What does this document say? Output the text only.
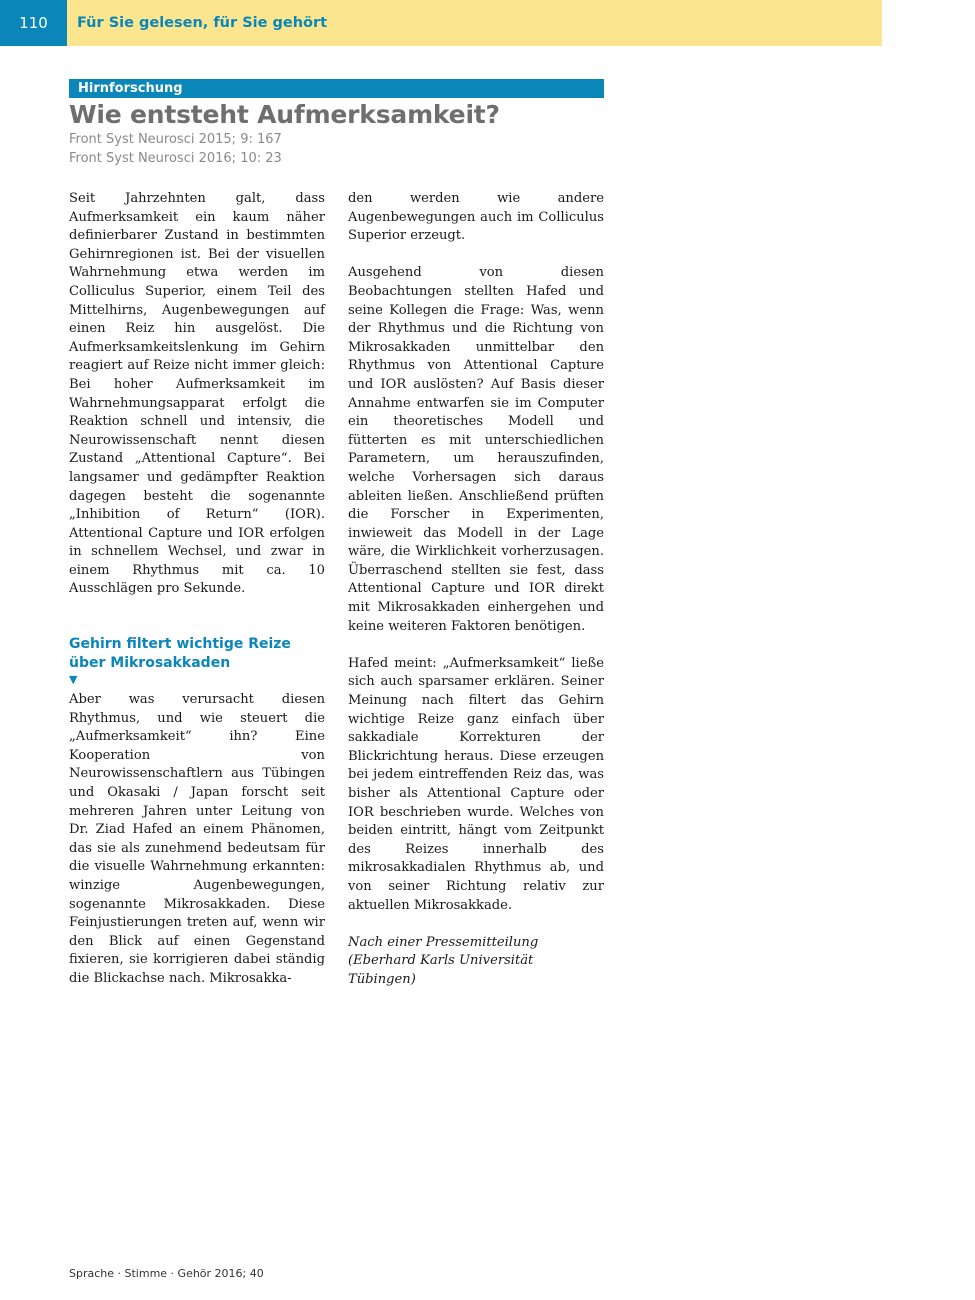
110	Für Sie gelesen, für Sie gehört
Hirnforschung
Wie entsteht Aufmerksamkeit?
Front Syst Neurosci 2015; 9: 167
Front Syst Neurosci 2016; 10: 23

Seit Jahrzehnten galt, dass Aufmerksamkeit ein kaum näher definierbarer Zustand in bestimmten Gehirnregionen ist. Bei der visuellen Wahrnehmung etwa werden im Colliculus Superior, einem Teil des Mittelhirns, Augenbewegungen auf einen Reiz hin ausgelöst. Die Aufmerksamkeitslenkung im Gehirn reagiert auf Reize nicht immer gleich: Bei hoher Aufmerksamkeit im Wahrnehmungsapparat erfolgt die Reaktion schnell und intensiv, die Neurowissenschaft nennt diesen Zustand „Attentional Capture“. Bei langsamer und gedämpfter Reaktion dagegen besteht die sogenannte „Inhibition of Return“ (IOR). Attentional Capture und IOR erfolgen in schnellem Wechsel, und zwar in einem Rhythmus mit ca. 10 Ausschlägen pro Sekunde.

Gehirn filtert wichtige Reize über Mikrosakkaden
▼

Aber was verursacht diesen Rhythmus, und wie steuert die „Aufmerksamkeit“ ihn? Eine Kooperation von Neurowissenschaftlern aus Tübingen und Okasaki / Japan forscht seit mehreren Jahren unter Leitung von Dr. Ziad Hafed an einem Phänomen, das sie als zunehmend bedeutsam für die visuelle Wahrnehmung erkannten: winzige Augenbewegungen, sogenannte Mikrosakkaden. Diese Feinjustierungen treten auf, wenn wir den Blick auf einen Gegenstand fixieren, sie korrigieren dabei ständig die Blickachse nach. Mikrosakka-

den werden wie andere Augenbewegungen auch im Colliculus Superior erzeugt.

Ausgehend von diesen Beobachtungen stellten Hafed und seine Kollegen die Frage: Was, wenn der Rhythmus und die Richtung von Mikrosakkaden unmittelbar den Rhythmus von Attentional Capture und IOR auslösten? Auf Basis dieser Annahme entwarfen sie im Computer ein theoretisches Modell und fütterten es mit unterschiedlichen Parametern, um herauszufinden, welche Vorhersagen sich daraus ableiten ließen. Anschließend prüften die Forscher in Experimenten, inwieweit das Modell in der Lage wäre, die Wirklichkeit vorherzusagen. Überraschend stellten sie fest, dass Attentional Capture und IOR direkt mit Mikrosakkaden einhergehen und keine weiteren Faktoren benötigen.

Hafed meint: „Aufmerksamkeit“ ließe sich auch sparsamer erklären. Seiner Meinung nach filtert das Gehirn wichtige Reize ganz einfach über sakkadiale Korrekturen der Blickrichtung heraus. Diese erzeugen bei jedem eintreffenden Reiz das, was bisher als Attentional Capture oder IOR beschrieben wurde. Welches von beiden eintritt, hängt vom Zeitpunkt des Reizes innerhalb des mikrosakkadialen Rhythmus ab, und von seiner Richtung relativ zur aktuellen Mikrosakkade.

Nach einer Pressemitteilung
(Eberhard Karls Universität Tübingen)

Sprache · Stimme · Gehör 2016; 40
